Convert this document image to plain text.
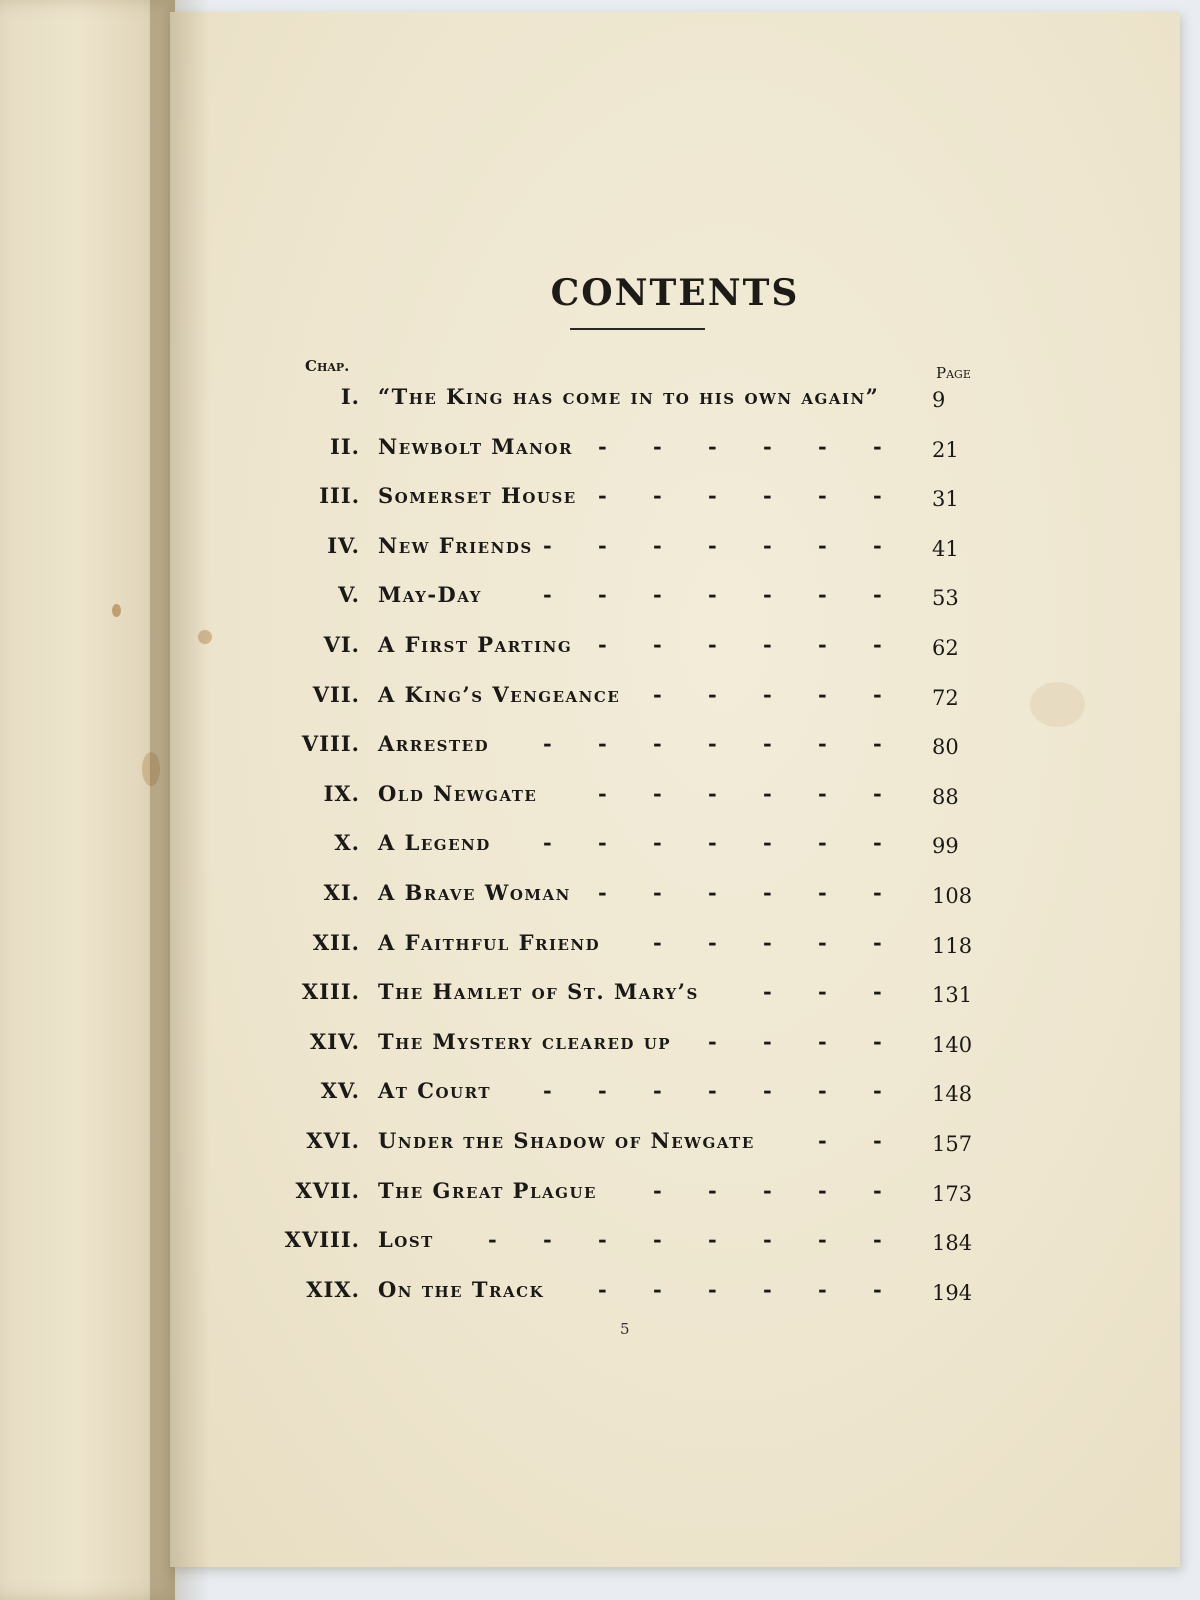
CONTENTS
Chap.	Page
I. “The King has come in to his own again”	9
II. Newbolt Manor	21
- - - - - -
III. Somerset House	31
- - - - - -
IV. New Friends	41
- - - - - - -
V. May-Day	53
- - - - - - -
VI. A First Parting	62
- - - - - -
VII. A King’s Vengeance	72
- - - - -
VIII. Arrested	80
- - - - - - -
IX. Old Newgate	88
- - - - - -
X. A Legend	99
- - - - - - -
XI. A Brave Woman	108
- - - - - -
XII. A Faithful Friend	118
- - - - -
XIII. The Hamlet of St. Mary’s	131
- - -
XIV. The Mystery cleared up	140
- - - -
XV. At Court	148
- - - - - - -
XVI. Under the Shadow of Newgate	157
- -
XVII. The Great Plague	173
- - - - -
XVIII. Lost	184
- - - - - - - -
XIX. On the Track	194
- - - - - -
5
